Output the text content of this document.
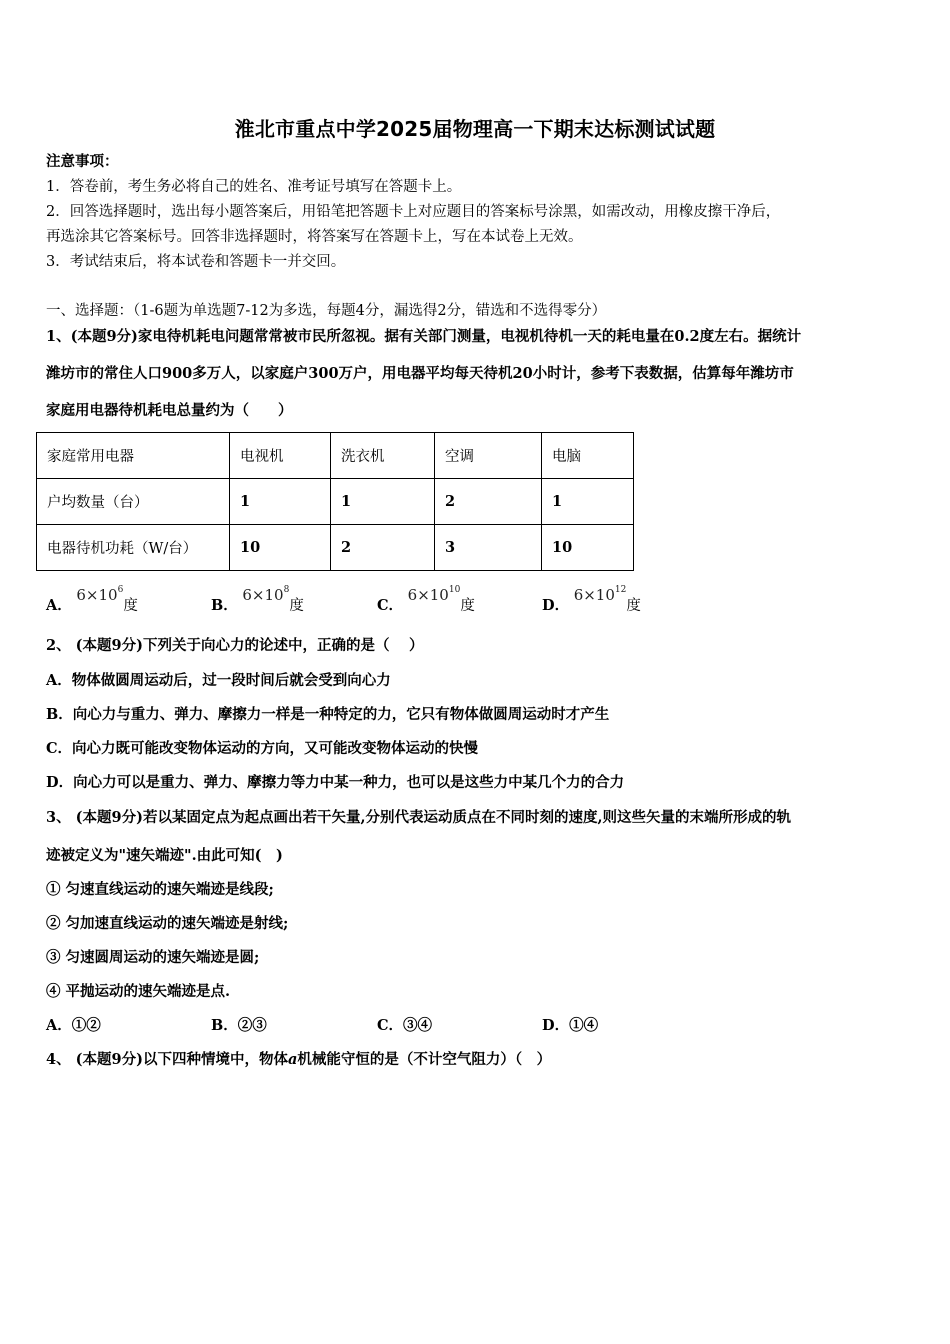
淮北市重点中学2025届物理高一下期末达标测试试题
注意事项：
1．答卷前，考生务必将自己的姓名、准考证号填写在答题卡上。
2．回答选择题时，选出每小题答案后，用铅笔把答题卡上对应题目的答案标号涂黑，如需改动，用橡皮擦干净后，
再选涂其它答案标号。回答非选择题时，将答案写在答题卡上，写在本试卷上无效。
3．考试结束后，将本试卷和答题卡一并交回。
一、选择题：（1-6题为单选题7-12为多选，每题4分，漏选得2分，错选和不选得零分）
1、(本题9分)家电待机耗电问题常常被市民所忽视。据有关部门测量，电视机待机一天的耗电量在0.2度左右。据统计
潍坊市的常住人口900多万人，以家庭户300万户，用电器平均每天待机20小时计，参考下表数据，估算每年潍坊市
家庭用电器待机耗电总量约为（　　）
家庭常用电器	电视机	洗衣机	空调	电脑
户均数量（台）	1	1	2	1
电器待机功耗（W/台）	10	2	3	10
A． $6\times 10^6$度	B． $6\times 10^8$度	C． $6\times 10^{10}$度	D． $6\times 10^{12}$度
2、 (本题9分)下列关于向心力的论述中，正确的是（　 ）
A．物体做圆周运动后，过一段时间后就会受到向心力
B．向心力与重力、弹力、摩擦力一样是一种特定的力，它只有物体做圆周运动时才产生
C．向心力既可能改变物体运动的方向，又可能改变物体运动的快慢
D．向心力可以是重力、弹力、摩擦力等力中某一种力，也可以是这些力中某几个力的合力
3、 (本题9分)若以某固定点为起点画出若干矢量,分别代表运动质点在不同时刻的速度,则这些矢量的末端所形成的轨
迹被定义为"速矢端迹".由此可知(　)
① 匀速直线运动的速矢端迹是线段;
② 匀加速直线运动的速矢端迹是射线;
③ 匀速圆周运动的速矢端迹是圆;
④ 平抛运动的速矢端迹是点.
A．①②	B．②③	C．③④	D．①④
4、 (本题9分)以下四种情境中，物体a机械能守恒的是（不计空气阻力）（　）
